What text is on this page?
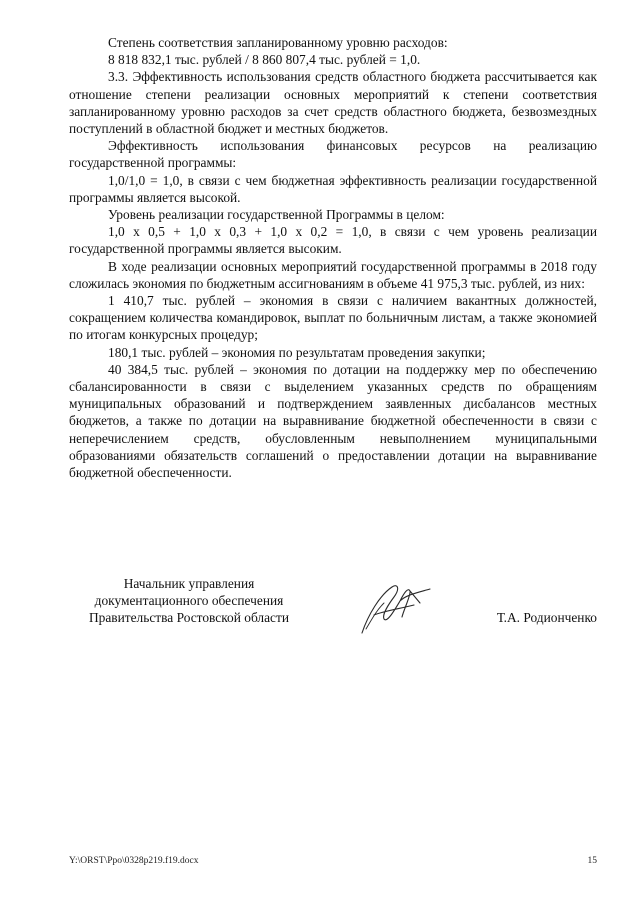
Степень соответствия запланированному уровню расходов:

8 818 832,1 тыс. рублей / 8 860 807,4 тыс. рублей = 1,0.

3.3. Эффективность использования средств областного бюджета рассчитывается как отношение степени реализации основных мероприятий к степени соответствия запланированному уровню расходов за счет средств областного бюджета, безвозмездных поступлений в областной бюджет и местных бюджетов.

Эффективность использования финансовых ресурсов на реализацию государственной программы:

1,0/1,0 = 1,0, в связи с чем бюджетная эффективность реализации государственной программы является высокой.

Уровень реализации государственной Программы в целом:

1,0 х 0,5 + 1,0 х 0,3 + 1,0 х 0,2 = 1,0, в связи с чем уровень реализации государственной программы является высоким.

В ходе реализации основных мероприятий государственной программы в 2018 году сложилась экономия по бюджетным ассигнованиям в объеме 41 975,3 тыс. рублей, из них:

1 410,7 тыс. рублей – экономия в связи с наличием вакантных должностей, сокращением количества командировок, выплат по больничным листам, а также экономией по итогам конкурсных процедур;

180,1 тыс. рублей – экономия по результатам проведения закупки;

40 384,5 тыс. рублей – экономия по дотации на поддержку мер по обеспечению сбалансированности в связи с выделением указанных средств по обращениям муниципальных образований и подтверждением заявленных дисбалансов местных бюджетов, а также по дотации на выравнивание бюджетной обеспеченности в связи с неперечислением средств, обусловленным невыполнением муниципальными образованиями обязательств соглашений о предоставлении дотации на выравнивание бюджетной обеспеченности.

Начальник управления
документационного обеспечения
Правительства Ростовской области	Т.А. Родионченко
Y:\ORST\Ppo\0328p219.f19.docx	15
